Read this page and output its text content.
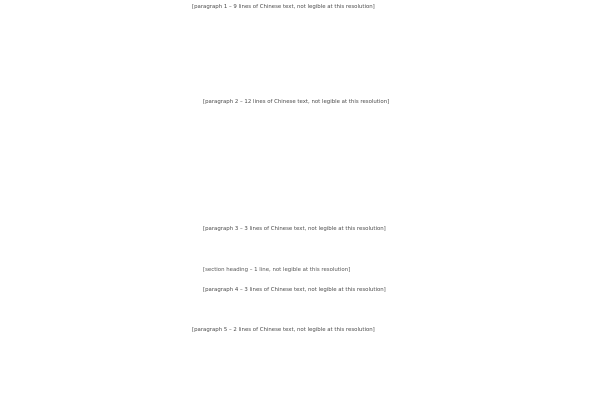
[paragraph 1 – 9 lines of Chinese text, not legible at this resolution]

[paragraph 2 – 12 lines of Chinese text, not legible at this resolution]

[paragraph 3 – 3 lines of Chinese text, not legible at this resolution]

[section heading – 1 line, not legible at this resolution]

[paragraph 4 – 3 lines of Chinese text, not legible at this resolution]

[paragraph 5 – 2 lines of Chinese text, not legible at this resolution]
